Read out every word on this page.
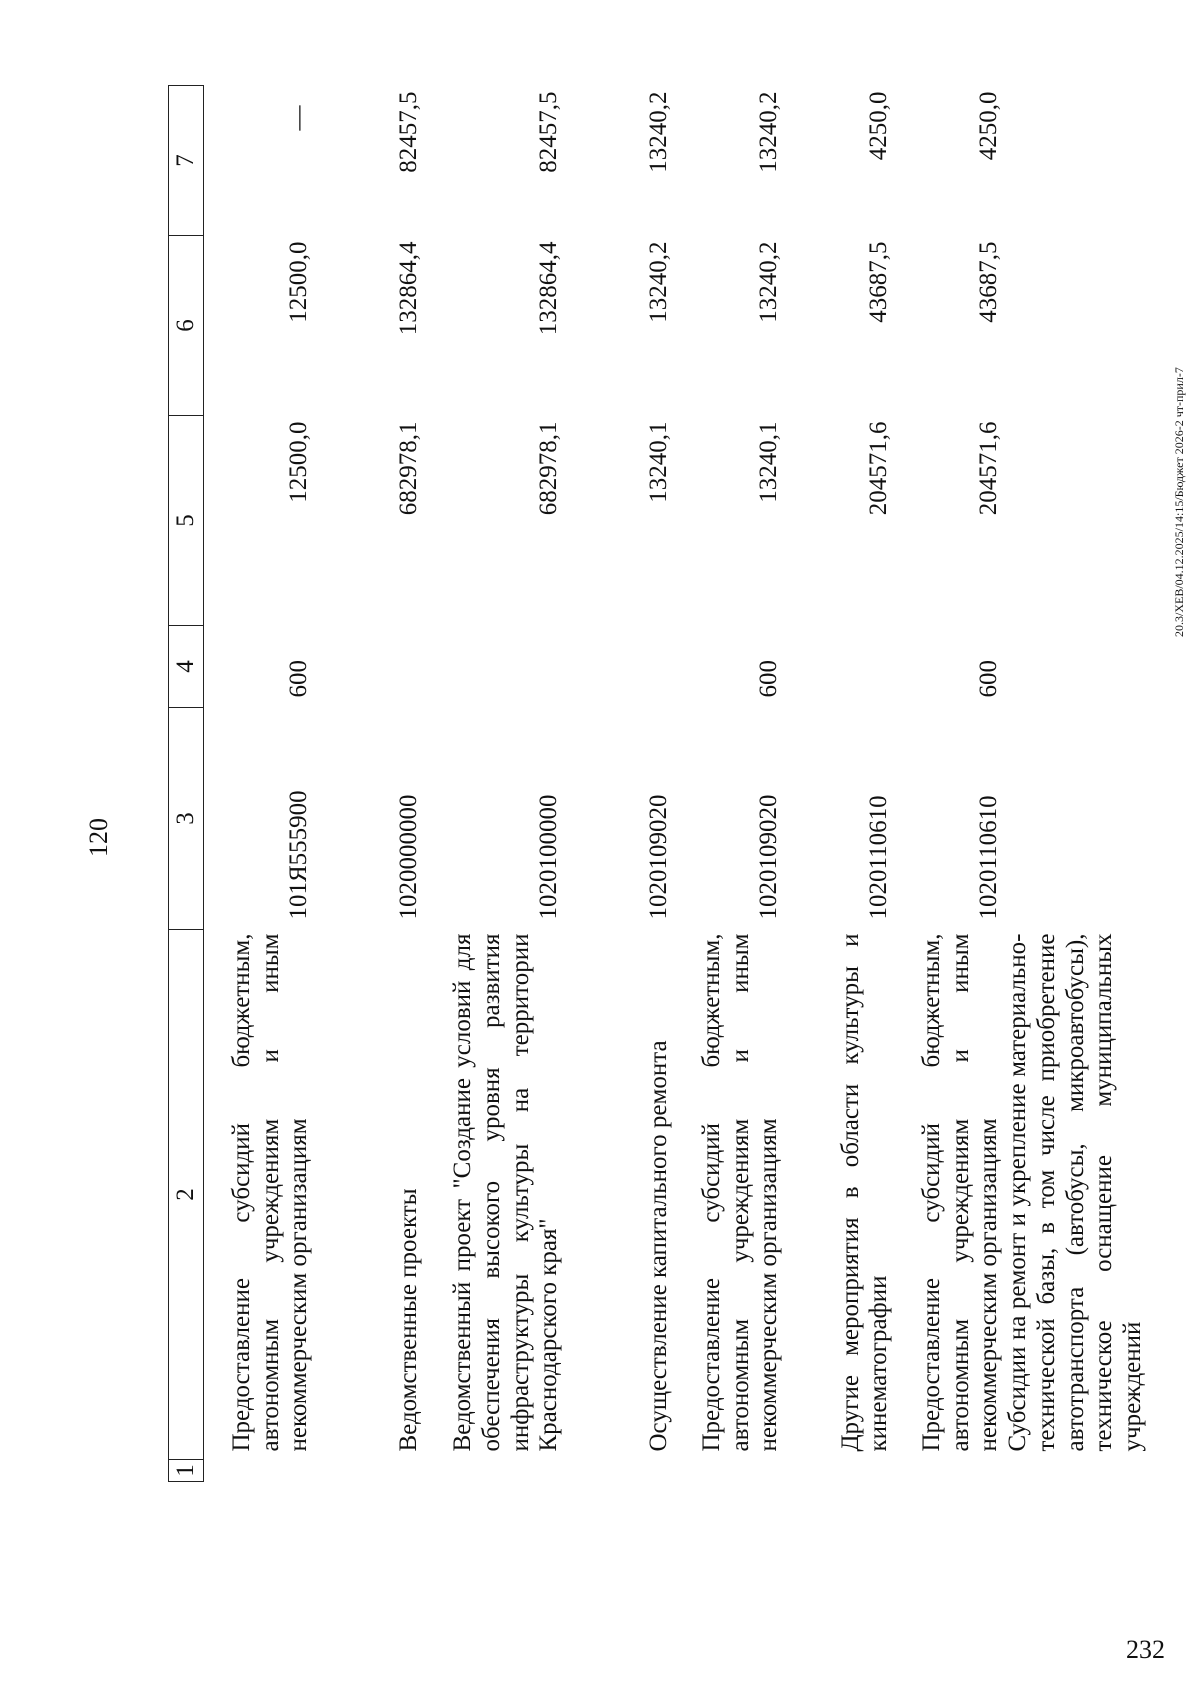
120
1	2	3	4	5	6	7
	Предоставление субсидий бюджетным, автономным учреждениям и иным некоммерческим организациям	101Я555900	600	12500,0	12500,0	—
	Ведомственные проекты	1020000000		682978,1	132864,4	82457,5
	Ведомственный проект "Создание условий для обеспечения высокого уровня развития инфраструктуры культуры на территории Краснодарского края"	1020100000		682978,1	132864,4	82457,5
	Осуществление капитального ремонта	1020109020		13240,1	13240,2	13240,2
	Предоставление субсидий бюджетным, автономным учреждениям и иным некоммерческим организациям	1020109020	600	13240,1	13240,2	13240,2
	Другие мероприятия в области культуры и кинематографии	1020110610		204571,6	43687,5	4250,0
	Предоставление субсидий бюджетным, автономным учреждениям и иным некоммерческим организациям	1020110610	600	204571,6	43687,5	4250,0
	Субсидии на ремонт и укрепление материально-технической базы, в том числе приобретение автотранспорта (автобусы, микроавтобусы), техническое оснащение муниципальных учреждений					
20.3/XEB/04.12.2025/14:15/Бюджет 2026-2 чт-прил-7
232
